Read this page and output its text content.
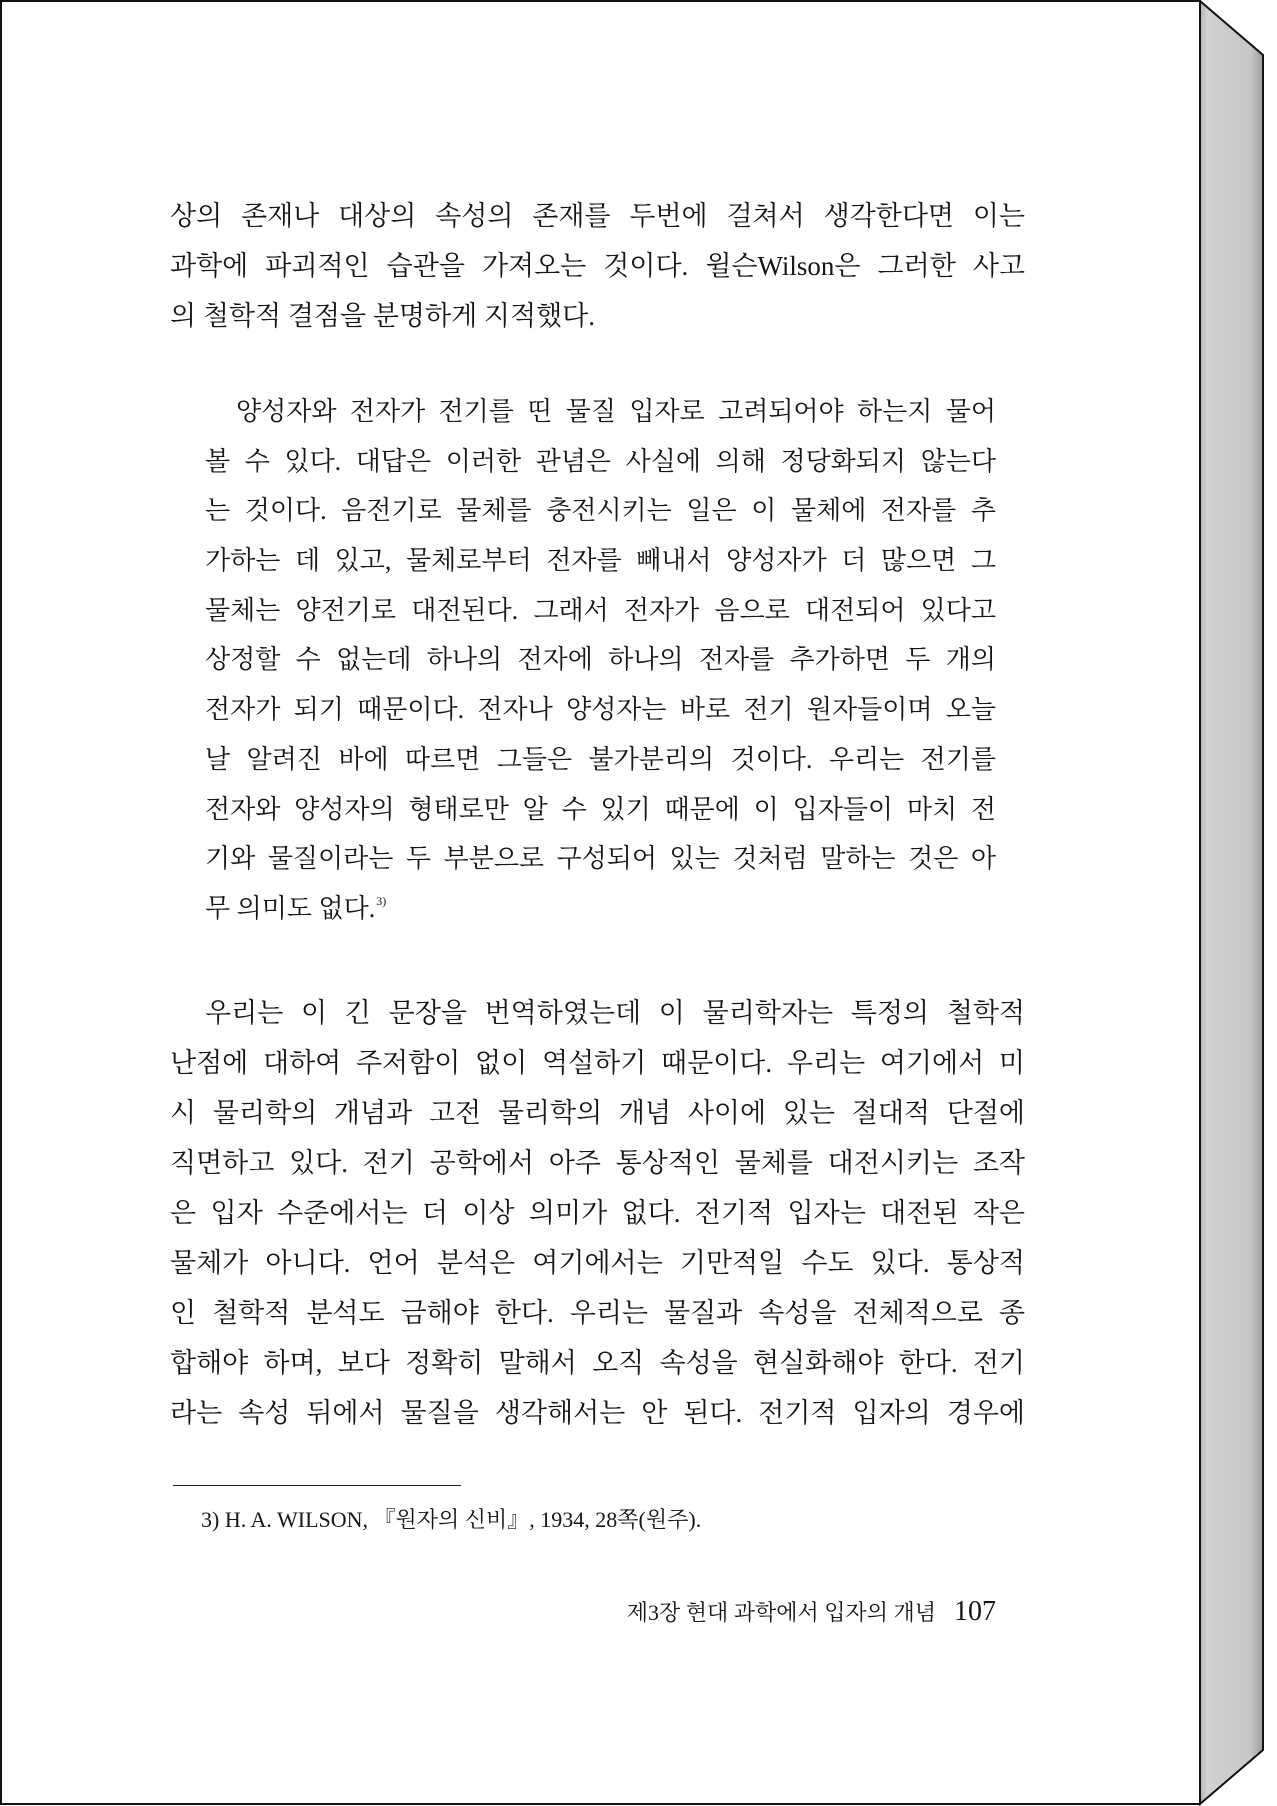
상의 존재나 대상의 속성의 존재를 두번에 걸쳐서 생각한다면 이는
과학에 파괴적인 습관을 가져오는 것이다. 윌슨Wilson은 그러한 사고
의 철학적 결점을 분명하게 지적했다.
양성자와 전자가 전기를 띤 물질 입자로 고려되어야 하는지 물어
볼 수 있다. 대답은 이러한 관념은 사실에 의해 정당화되지 않는다
는 것이다. 음전기로 물체를 충전시키는 일은 이 물체에 전자를 추
가하는 데 있고, 물체로부터 전자를 빼내서 양성자가 더 많으면 그
물체는 양전기로 대전된다. 그래서 전자가 음으로 대전되어 있다고
상정할 수 없는데 하나의 전자에 하나의 전자를 추가하면 두 개의
전자가 되기 때문이다. 전자나 양성자는 바로 전기 원자들이며 오늘
날 알려진 바에 따르면 그들은 불가분리의 것이다. 우리는 전기를
전자와 양성자의 형태로만 알 수 있기 때문에 이 입자들이 마치 전
기와 물질이라는 두 부분으로 구성되어 있는 것처럼 말하는 것은 아
무 의미도 없다.$^{3)}$
우리는 이 긴 문장을 번역하였는데 이 물리학자는 특정의 철학적
난점에 대하여 주저함이 없이 역설하기 때문이다. 우리는 여기에서 미
시 물리학의 개념과 고전 물리학의 개념 사이에 있는 절대적 단절에
직면하고 있다. 전기 공학에서 아주 통상적인 물체를 대전시키는 조작
은 입자 수준에서는 더 이상 의미가 없다. 전기적 입자는 대전된 작은
물체가 아니다. 언어 분석은 여기에서는 기만적일 수도 있다. 통상적
인 철학적 분석도 금해야 한다. 우리는 물질과 속성을 전체적으로 종
합해야 하며, 보다 정확히 말해서 오직 속성을 현실화해야 한다. 전기
라는 속성 뒤에서 물질을 생각해서는 안 된다. 전기적 입자의 경우에
3) H. A. WILSON, 『원자의 신비』, 1934, 28쪽(원주).
제3장 현대 과학에서 입자의 개념 107
